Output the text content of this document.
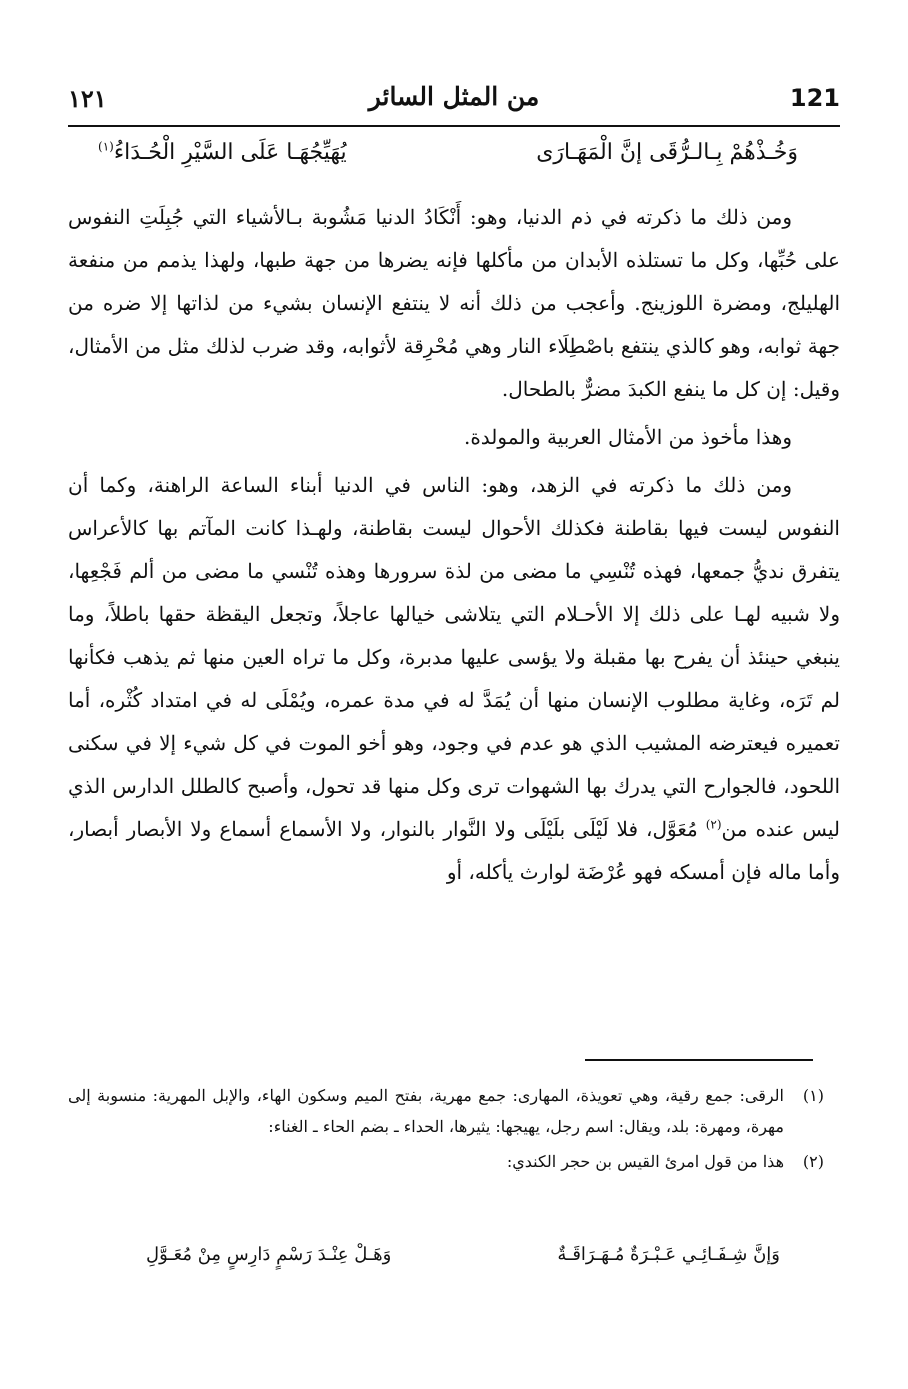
121
من المثل السائر
١٢١
وَخُـذْهُمْ بِـالـرُّقَى إنَّ الْمَهَـارَى
يُهَيِّجُهَـا عَلَى السَّيْرِ الْحُـدَاءُ$^{(١)}$

ومن ذلك ما ذكرته في ذم الدنيا، وهو: أَنْكَادُ الدنيا مَشُوبة بـالأشياء التي جُبِلَتِ النفوس على حُبِّها، وكل ما تستلذه الأبدان من مأكلها فإنه يضرها من جهة طبها، ولهذا يذمم من منفعة الهليلج، ومضرة اللوزينج. وأعجب من ذلك أنه لا ينتفع الإنسان بشيء من لذاتها إلا ضره من جهة ثوابه، وهو كالذي ينتفع باصْطِلَاء النار وهي مُحْرِقة لأثوابه، وقد ضرب لذلك مثل من الأمثال، وقيل: إن كل ما ينفع الكبدَ مضرٌّ بالطحال.

وهذا مأخوذ من الأمثال العربية والمولدة.

ومن ذلك ما ذكرته في الزهد، وهو: الناس في الدنيا أبناء الساعة الراهنة، وكما أن النفوس ليست فيها بقاطنة فكذلك الأحوال ليست بقاطنة، ولهـذا كانت المآتم بها كالأعراس يتفرق نديُّ جمعها، فهذه تُنْسِي ما مضى من لذة سرورها وهذه تُنْسي ما مضى من ألم فَجْعِها، ولا شبيه لهـا على ذلك إلا الأحـلام التي يتلاشى خيالها عاجلاً، وتجعل اليقظة حقها باطلاً، وما ينبغي حينئذ أن يفرح بها مقبلة ولا يؤسى عليها مدبرة، وكل ما تراه العين منها ثم يذهب فكأنها لم تَرَه، وغاية مطلوب الإنسان منها أن يُمَدَّ له في مدة عمره، ويُمْلَى له في امتداد كُثْره، أما تعميره فيعترضه المشيب الذي هو عدم في وجود، وهو أخو الموت في كل شيء إلا في سكنى اللحود، فالجوارح التي يدرك بها الشهوات ترى وكل منها قد تحول، وأصبح كالطلل الدارس الذي ليس عنده من$^{(٢)}$ مُعَوَّل، فلا لَيْلَى بلَيْلَى ولا النَّوار بالنوار، ولا الأسماع أسماع ولا الأبصار أبصار، وأما ماله فإن أمسكه فهو عُرْضَة لوارث يأكله، أو

(١)الرقى: جمع رقية، وهي تعويذة، المهارى: جمع مهرية، بفتح الميم وسكون الهاء، والإبل المهرية: منسوبة إلى مهرة، ومهرة: بلد، ويقال: اسم رجل، يهيجها: يثيرها، الحداء ـ بضم الحاء ـ الغناء:

(٢)هذا من قول امرئ القيس بن حجر الكندي:

وَإنَّ شِـفَـائِـي عَـبْـرَةٌ مُـهَـرَاقَـةٌ
وَهَـلْ عِنْـدَ رَسْمٍ دَارِسٍ مِنْ مُعَـوَّلِ
